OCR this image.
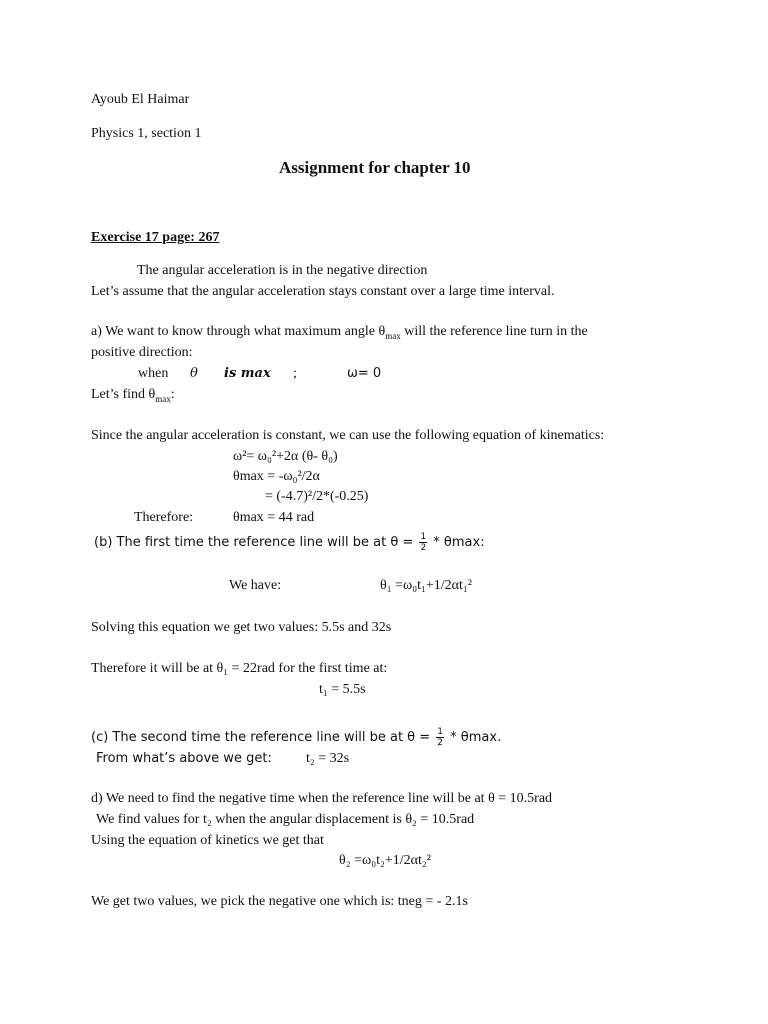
Ayoub El Haimar
Physics 1, section 1
Assignment for chapter 10
Exercise 17 page: 267
The angular acceleration is in the negative direction
Let’s assume that the angular acceleration stays constant over a large time interval.
a) We want to know through what maximum angle $\theta_{max}$ will the reference line turn in the
positive direction:
when θ is max ;	ω= 0
Let’s find $\theta_{max}$:
Since the angular acceleration is constant, we can use the following equation of kinematics:
ω²= ω₀²+2α (θ- θ₀)
θmax = -ω₀²/2α
= (-4.7)²/2*(-0.25)
Therefore:	θmax = 44 rad
(b) The first time the reference line will be at $\theta = \frac{1}{2} * \theta\max$:
We have:	θ₁ =ω₀t₁+1/2αt₁²
Solving this equation we get two values: 5.5s and 32s
Therefore it will be at θ₁ = 22rad for the first time at:
t₁ = 5.5s
(c) The second time the reference line will be at $\theta = \frac{1}{2} * \theta\max$.
From what’s above we get: t₂ = 32s
d) We need to find the negative time when the reference line will be at θ = 10.5rad
We find values for t₂ when the angular displacement is θ₂ = 10.5rad
Using the equation of kinetics we get that
θ₂ =ω₀t₂+1/2αt₂²
We get two values, we pick the negative one which is: tneg = - 2.1s
